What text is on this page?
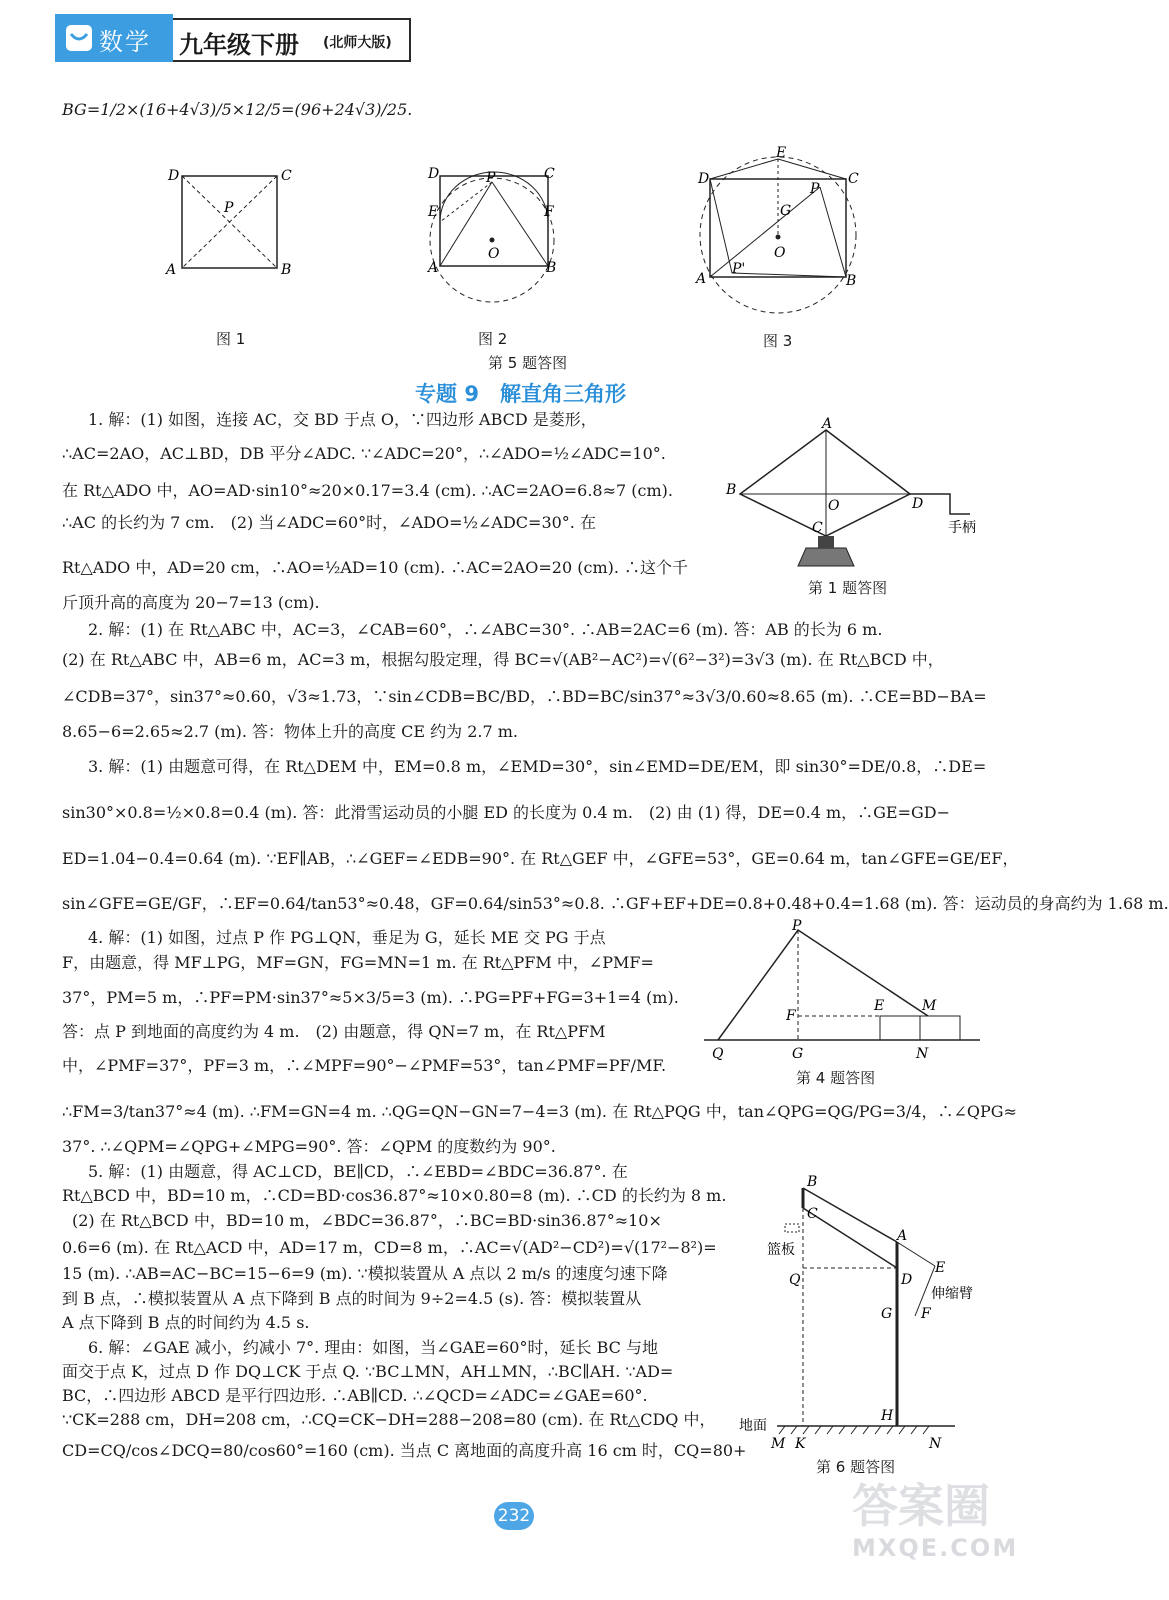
数学 九年级下册 (北师大版)
BG=1/2×(16+4√3)/5×12/5=(96+24√3)/25.
D	C
P
A	B
图 1
D	P	C
E	F
O
A	B
图 2
E
D	C
P
G
O
P'
A	B
图 3
第 5 题答图
专题 9　解直角三角形
1. 解：(1) 如图，连接 AC，交 BD 于点 O，∵四边形 ABCD 是菱形，
∴AC=2AO，AC⊥BD，DB 平分∠ADC. ∵∠ADC=20°，∴∠ADO=½∠ADC=10°.
在 Rt△ADO 中，AO=AD·sin10°≈20×0.17=3.4 (cm). ∴AC=2AO=6.8≈7 (cm).
∴AC 的长约为 7 cm.　(2) 当∠ADC=60°时，∠ADO=½∠ADC=30°. 在
Rt△ADO 中，AD=20 cm，∴AO=½AD=10 (cm). ∴AC=2AO=20 (cm). ∴这个千
斤顶升高的高度为 20−7=13 (cm).
A
B
O	D
C	手柄
第 1 题答图
2. 解：(1) 在 Rt△ABC 中，AC=3，∠CAB=60°，∴∠ABC=30°. ∴AB=2AC=6 (m). 答：AB 的长为 6 m.
(2) 在 Rt△ABC 中，AB=6 m，AC=3 m，根据勾股定理，得 BC=√(AB²−AC²)=√(6²−3²)=3√3 (m). 在 Rt△BCD 中，
∠CDB=37°，sin37°≈0.60，√3≈1.73，∵sin∠CDB=BC/BD，∴BD=BC/sin37°≈3√3/0.60≈8.65 (m). ∴CE=BD−BA=
8.65−6=2.65≈2.7 (m). 答：物体上升的高度 CE 约为 2.7 m.
3. 解：(1) 由题意可得，在 Rt△DEM 中，EM=0.8 m，∠EMD=30°，sin∠EMD=DE/EM，即 sin30°=DE/0.8，∴DE=
sin30°×0.8=½×0.8=0.4 (m). 答：此滑雪运动员的小腿 ED 的长度为 0.4 m.　(2) 由 (1) 得，DE=0.4 m，∴GE=GD−
ED=1.04−0.4=0.64 (m). ∵EF∥AB，∴∠GEF=∠EDB=90°. 在 Rt△GEF 中，∠GFE=53°，GE=0.64 m，tan∠GFE=GE/EF，
sin∠GFE=GE/GF，∴EF=0.64/tan53°≈0.48，GF=0.64/sin53°≈0.8. ∴GF+EF+DE=0.8+0.48+0.4=1.68 (m). 答：运动员的身高约为 1.68 m.
4. 解：(1) 如图，过点 P 作 PG⊥QN，垂足为 G，延长 ME 交 PG 于点
F，由题意，得 MF⊥PG，MF=GN，FG=MN=1 m. 在 Rt△PFM 中，∠PMF=
37°，PM=5 m，∴PF=PM·sin37°≈5×3/5=3 (m). ∴PG=PF+FG=3+1=4 (m).
答：点 P 到地面的高度约为 4 m.　(2) 由题意，得 QN=7 m，在 Rt△PFM
中，∠PMF=37°，PF=3 m，∴∠MPF=90°−∠PMF=53°，tan∠PMF=PF/MF.
P
E	M
F
Q	G	N
第 4 题答图
∴FM=3/tan37°≈4 (m). ∴FM=GN=4 m. ∴QG=QN−GN=7−4=3 (m). 在 Rt△PQG 中，tan∠QPG=QG/PG=3/4，∴∠QPG≈
37°. ∴∠QPM=∠QPG+∠MPG=90°. 答：∠QPM 的度数约为 90°.
5. 解：(1) 由题意，得 AC⊥CD，BE∥CD，∴∠EBD=∠BDC=36.87°. 在
Rt△BCD 中，BD=10 m，∴CD=BD·cos36.87°≈10×0.80=8 (m). ∴CD 的长约为 8 m.
(2) 在 Rt△BCD 中，BD=10 m，∠BDC=36.87°，∴BC=BD·sin36.87°≈10×
0.6=6 (m). 在 Rt△ACD 中，AD=17 m，CD=8 m，∴AC=√(AD²−CD²)=√(17²−8²)=
15 (m). ∴AB=AC−BC=15−6=9 (m). ∵模拟装置从 A 点以 2 m/s 的速度匀速下降
到 B 点，∴模拟装置从 A 点下降到 B 点的时间为 9÷2=4.5 (s). 答：模拟装置从
A 点下降到 B 点的时间约为 4.5 s.
6. 解：∠GAE 减小，约减小 7°. 理由：如图，当∠GAE=60°时，延长 BC 与地
面交于点 K，过点 D 作 DQ⊥CK 于点 Q. ∵BC⊥MN，AH⊥MN，∴BC∥AH. ∵AD=
BC，∴四边形 ABCD 是平行四边形. ∴AB∥CD. ∴∠QCD=∠ADC=∠GAE=60°.
∵CK=288 cm，DH=208 cm，∴CQ=CK−DH=288−208=80 (cm). 在 Rt△CDQ 中，
CD=CQ/cos∠DCQ=80/cos60°=160 (cm). 当点 C 离地面的高度升高 16 cm 时，CQ=80+
B
C
A
E
D
Q
G F
H
M K	N
篮板
伸缩臂
地面
第 6 题答图
232	答案圈
MXQE.COM
